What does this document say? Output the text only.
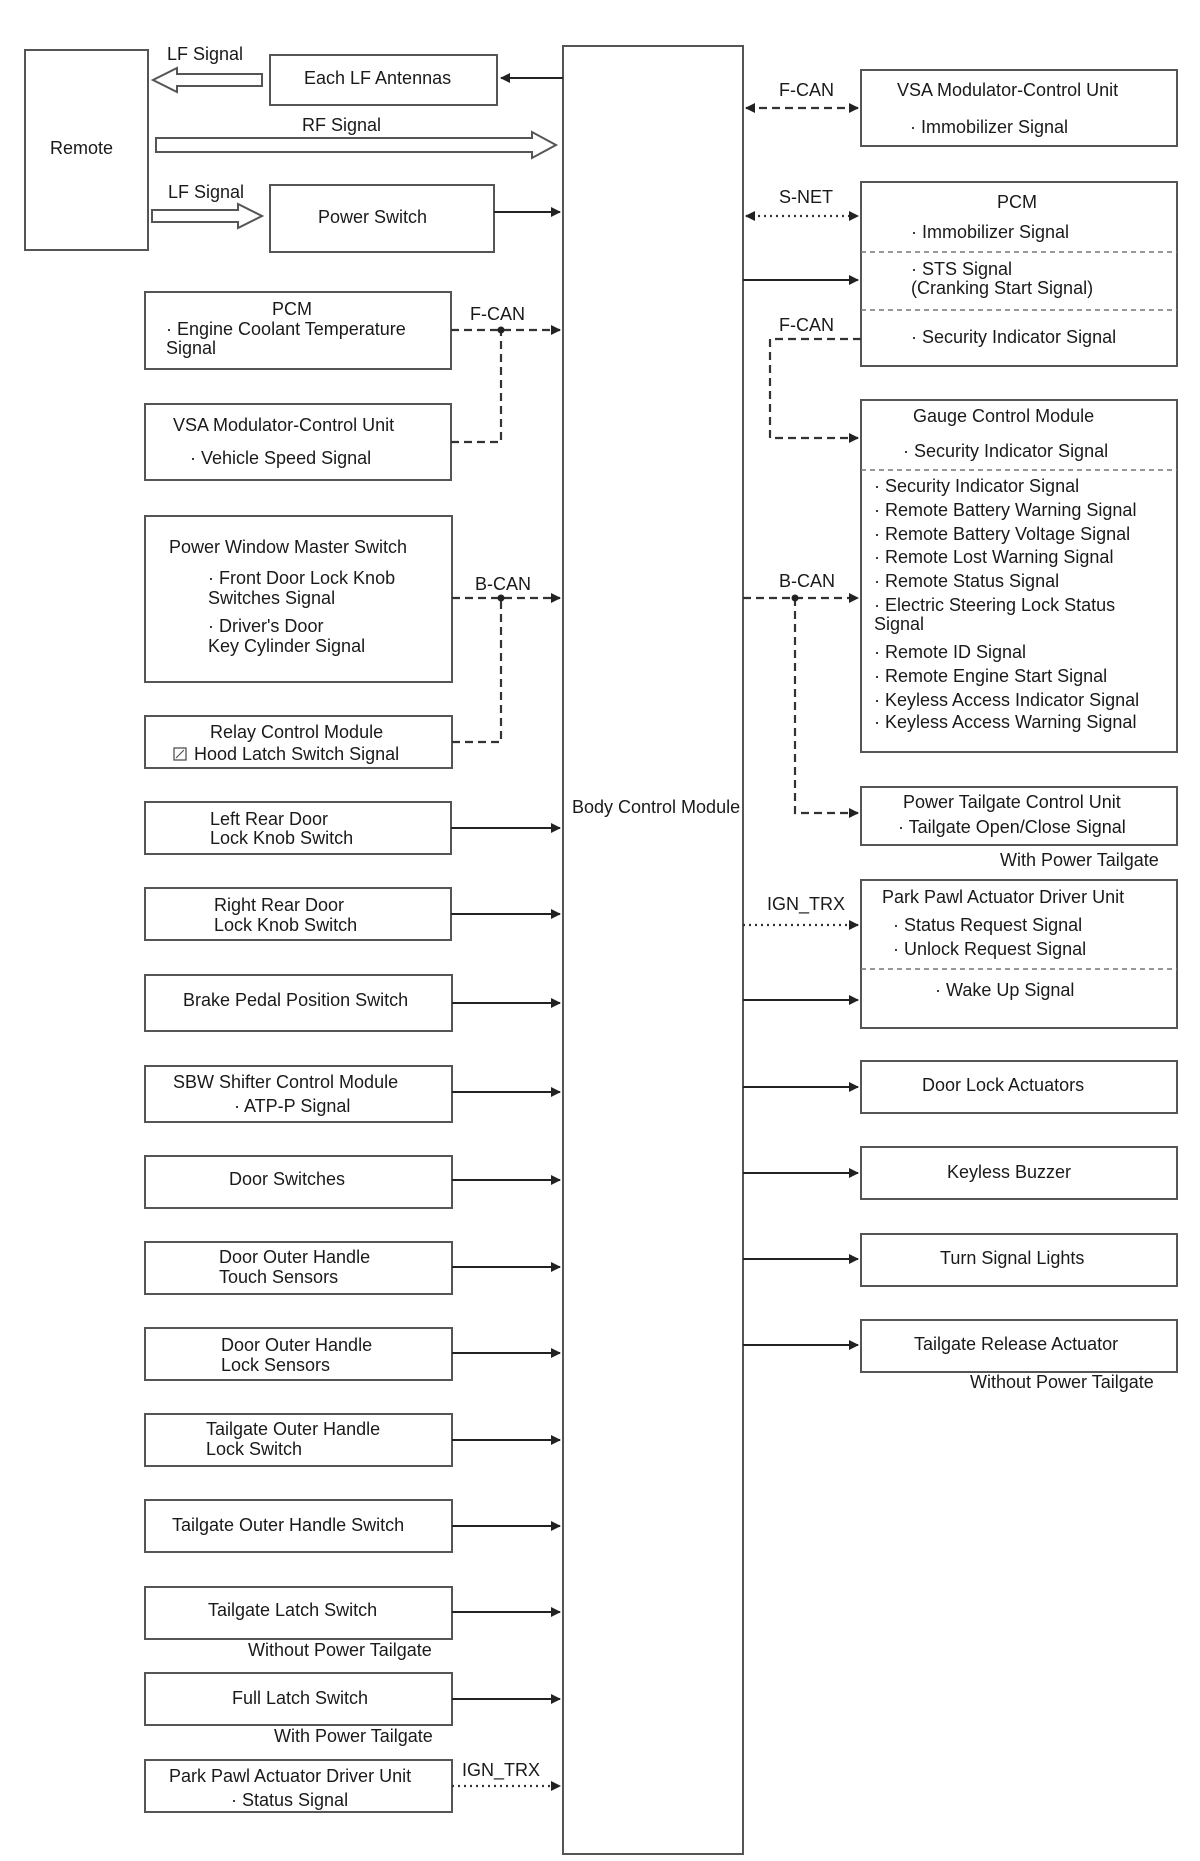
Body Control Module
Remote
LF Signal
RF Signal
LF Signal
Each LF Antennas
Power Switch
PCM
· Engine Coolant Temperature
Signal
VSA Modulator-Control Unit
· Vehicle Speed Signal
F-CAN
Power Window Master Switch
· Front Door Lock Knob
Switches Signal
· Driver's Door
Key Cylinder Signal
Relay Control Module
Hood Latch Switch Signal
B-CAN
Left Rear Door
Lock Knob Switch
Right Rear Door
Lock Knob Switch
Brake Pedal Position Switch
SBW Shifter Control Module
· ATP-P Signal
Door Switches
Door Outer Handle
Touch Sensors
Door Outer Handle
Lock Sensors
Tailgate Outer Handle
Lock Switch
Tailgate Outer Handle Switch
Tailgate Latch Switch
Without Power Tailgate
Full Latch Switch
With Power Tailgate
Park Pawl Actuator Driver Unit
· Status Signal
IGN_TRX
VSA Modulator-Control Unit
· Immobilizer Signal
F-CAN
PCM
· Immobilizer Signal
· STS Signal
(Cranking Start Signal)
· Security Indicator Signal
S-NET
F-CAN
Gauge Control Module
· Security Indicator Signal
· Security Indicator Signal
· Remote Battery Warning Signal
· Remote Battery Voltage Signal
· Remote Lost Warning Signal
· Remote Status Signal
· Electric Steering Lock Status
Signal
· Remote ID Signal
· Remote Engine Start Signal
· Keyless Access Indicator Signal
· Keyless Access Warning Signal
B-CAN
Power Tailgate Control Unit
· Tailgate Open/Close Signal
With Power Tailgate
Park Pawl Actuator Driver Unit
· Status Request Signal
· Unlock Request Signal
· Wake Up Signal
IGN_TRX
Door Lock Actuators
Keyless Buzzer
Turn Signal Lights
Tailgate Release Actuator
Without Power Tailgate
